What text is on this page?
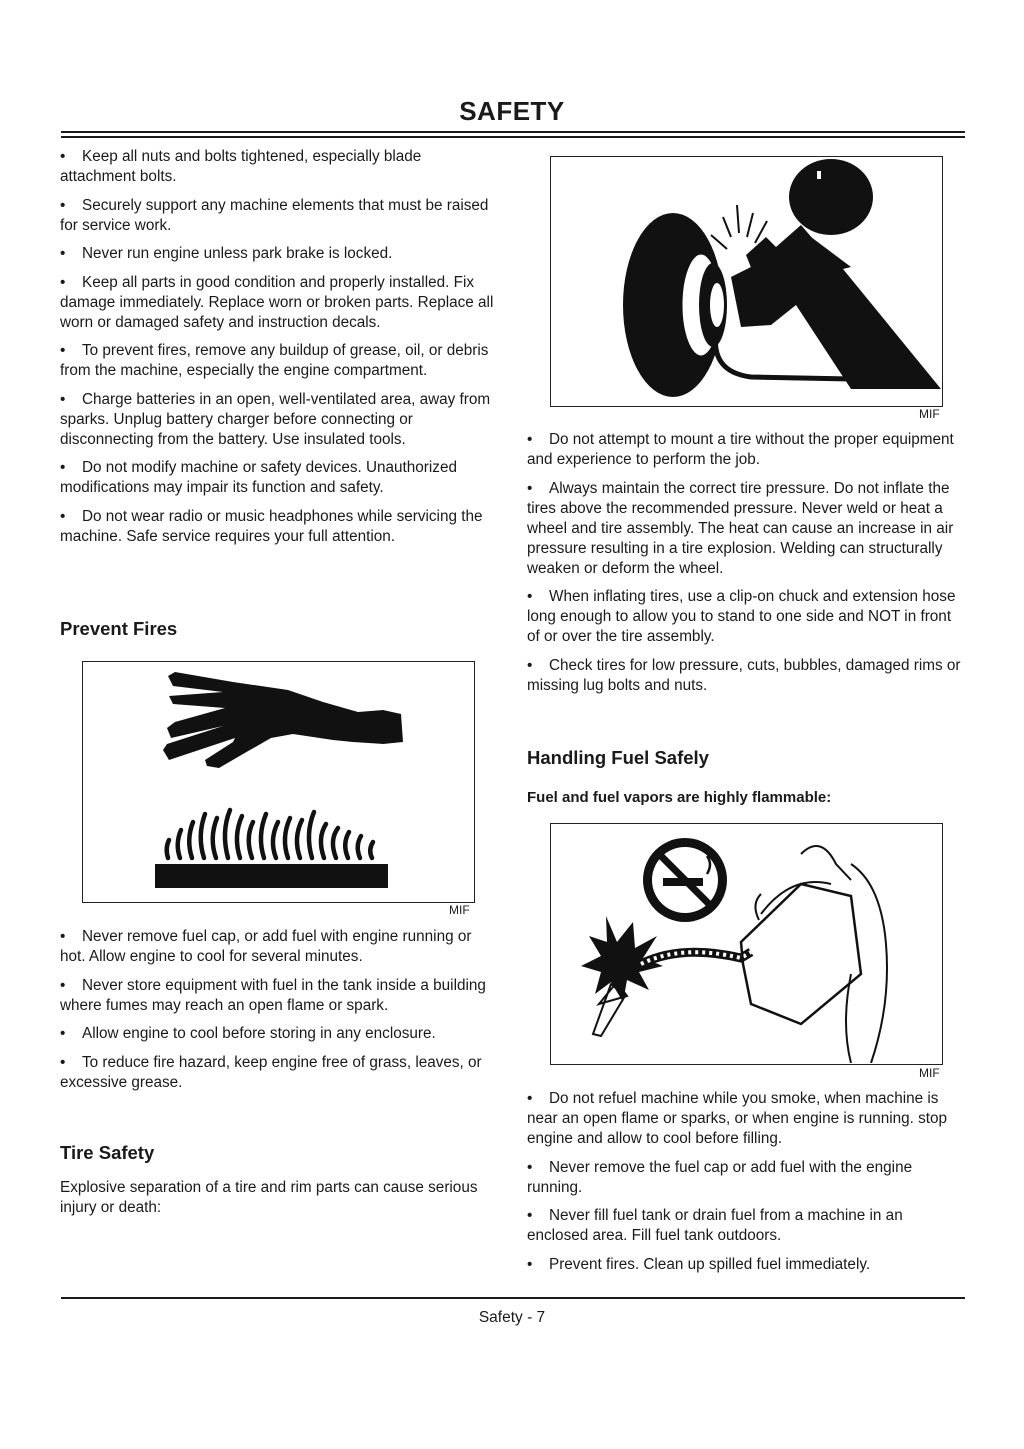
SAFETY

• Keep all nuts and bolts tightened, especially blade attachment bolts.

• Securely support any machine elements that must be raised for service work.

• Never run engine unless park brake is locked.

• Keep all parts in good condition and properly installed. Fix damage immediately. Replace worn or broken parts. Replace all worn or damaged safety and instruction decals.

• To prevent fires, remove any buildup of grease, oil, or debris from the machine, especially the engine compartment.

• Charge batteries in an open, well-ventilated area, away from sparks. Unplug battery charger before connecting or disconnecting from the battery. Use insulated tools.

• Do not modify machine or safety devices. Unauthorized modifications may impair its function and safety.

• Do not wear radio or music headphones while servicing the machine. Safe service requires your full attention.

Prevent Fires
MIF

• Never remove fuel cap, or add fuel with engine running or hot. Allow engine to cool for several minutes.

• Never store equipment with fuel in the tank inside a building where fumes may reach an open flame or spark.

• Allow engine to cool before storing in any enclosure.

• To reduce fire hazard, keep engine free of grass, leaves, or excessive grease.

Tire Safety

Explosive separation of a tire and rim parts can cause serious injury or death:

MIF

• Do not attempt to mount a tire without the proper equipment and experience to perform the job.

• Always maintain the correct tire pressure. Do not inflate the tires above the recommended pressure. Never weld or heat a wheel and tire assembly. The heat can cause an increase in air pressure resulting in a tire explosion. Welding can structurally weaken or deform the wheel.

• When inflating tires, use a clip-on chuck and extension hose long enough to allow you to stand to one side and NOT in front of or over the tire assembly.

• Check tires for low pressure, cuts, bubbles, damaged rims or missing lug bolts and nuts.

Handling Fuel Safely
Fuel and fuel vapors are highly flammable:
MIF

• Do not refuel machine while you smoke, when machine is near an open flame or sparks, or when engine is running. stop engine and allow to cool before filling.

• Never remove the fuel cap or add fuel with the engine running.

• Never fill fuel tank or drain fuel from a machine in an enclosed area. Fill fuel tank outdoors.

• Prevent fires. Clean up spilled fuel immediately.

Safety - 7
